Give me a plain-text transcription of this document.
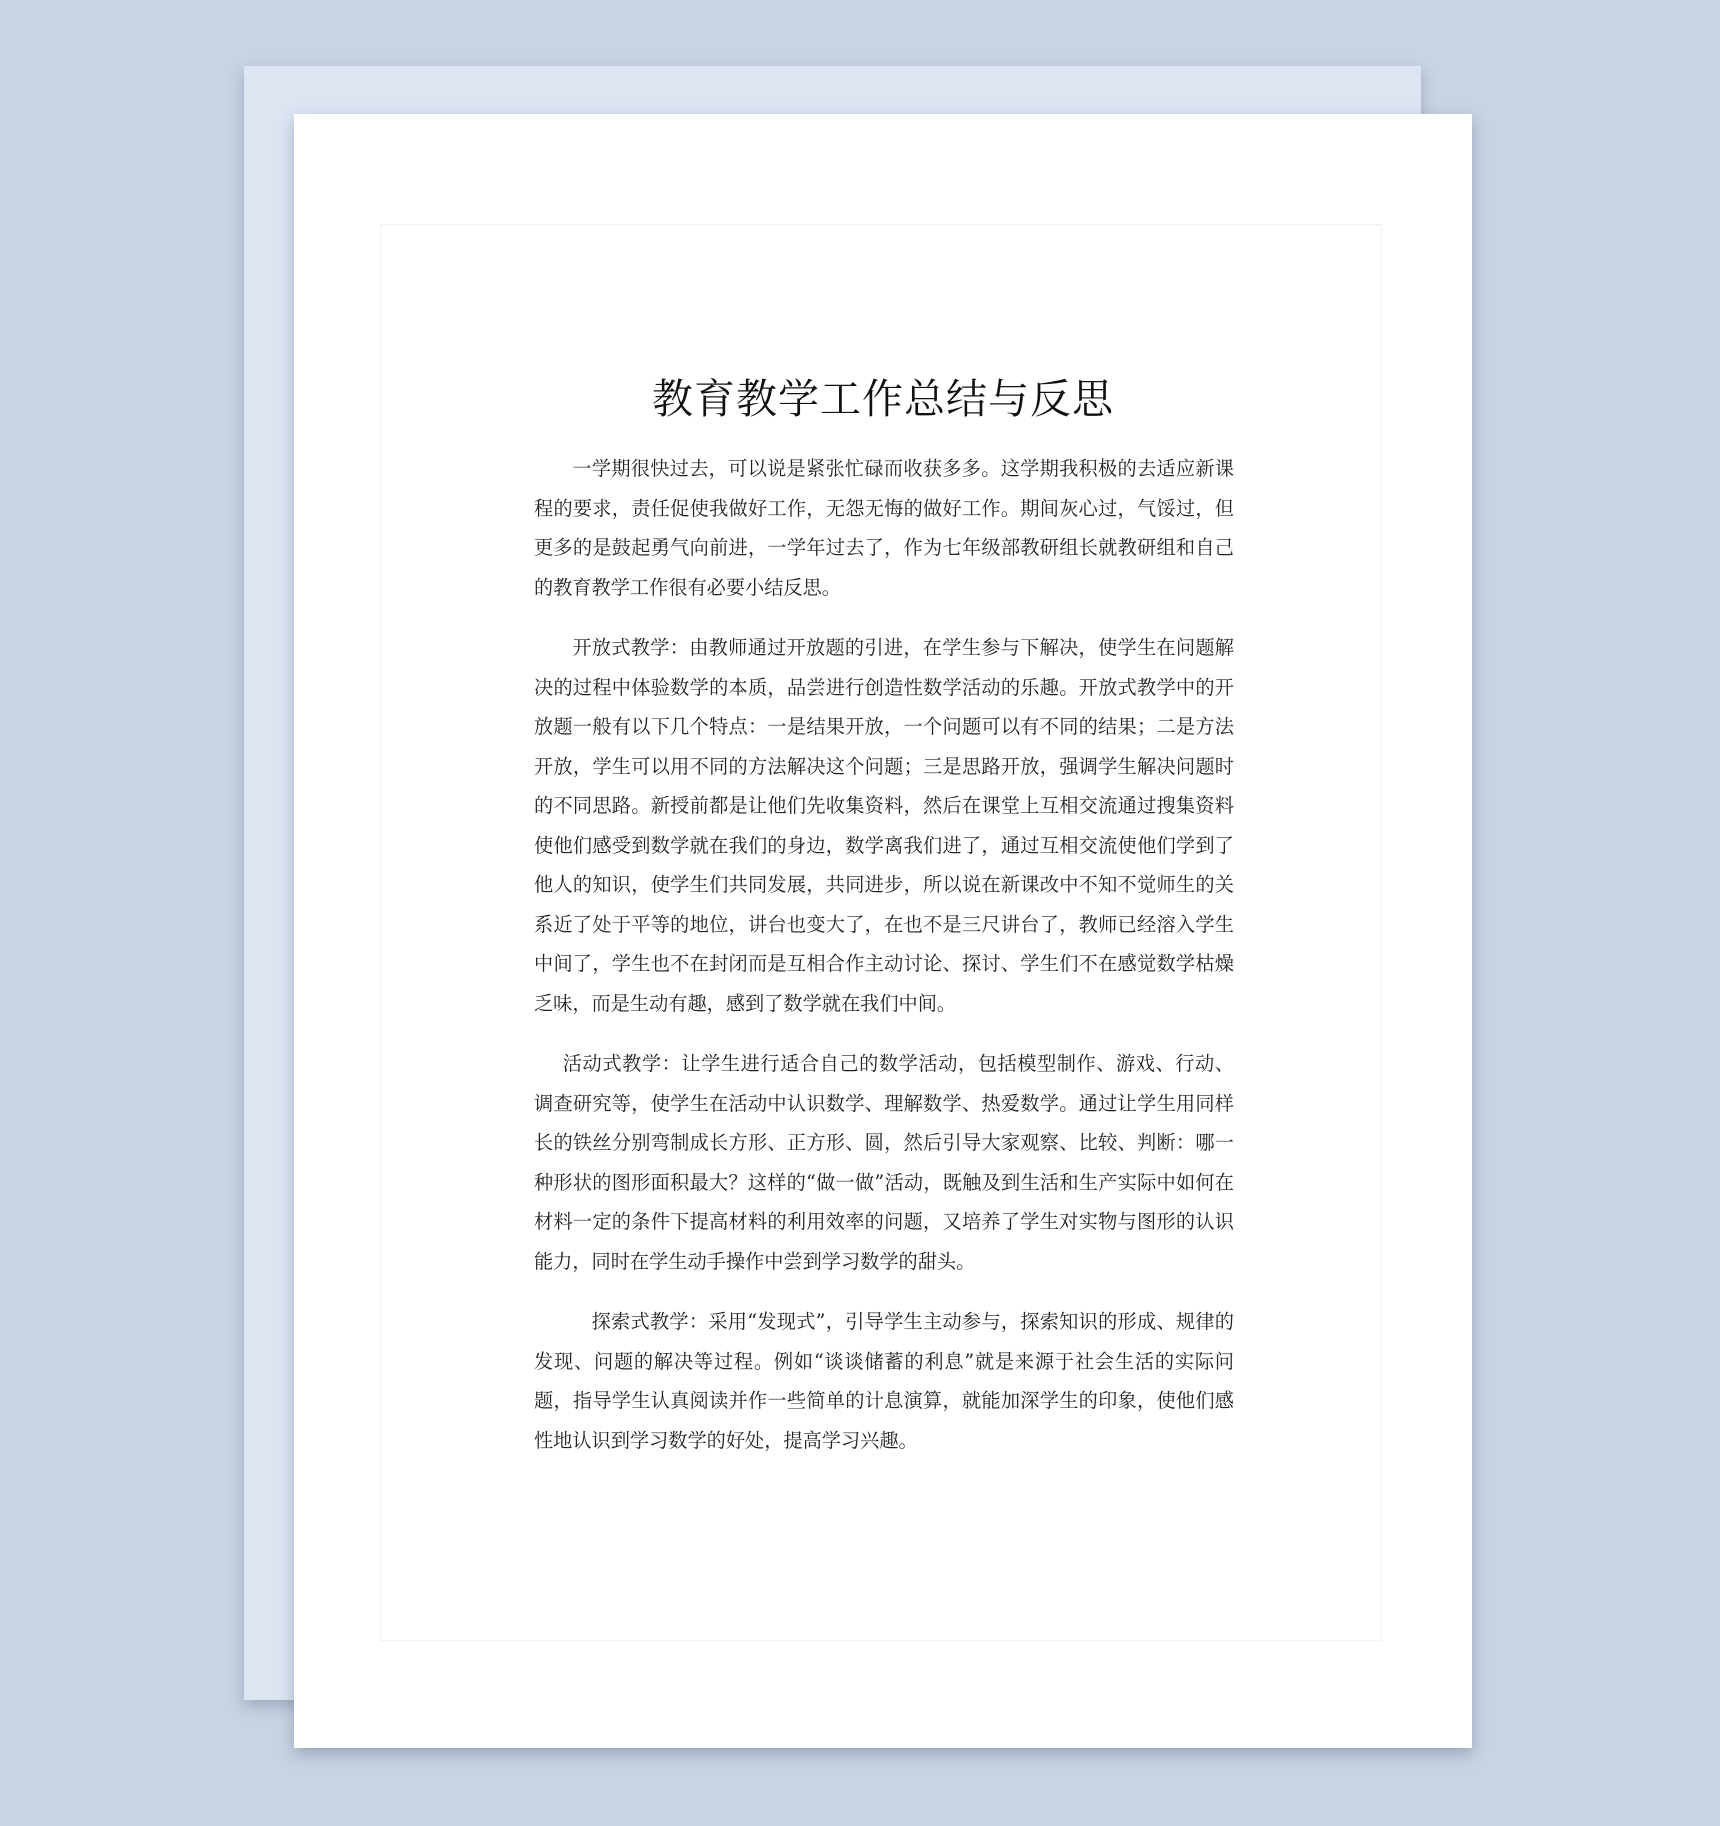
教育教学工作总结与反思

一学期很快过去，可以说是紧张忙碌而收获多多。这学期我积极的去适应新课程的要求，责任促使我做好工作，无怨无悔的做好工作。期间灰心过，气馁过，但更多的是鼓起勇气向前进，一学年过去了，作为七年级部教研组长就教研组和自己的教育教学工作很有必要小结反思。

开放式教学：由教师通过开放题的引进，在学生参与下解决，使学生在问题解决的过程中体验数学的本质，品尝进行创造性数学活动的乐趣。开放式教学中的开放题一般有以下几个特点：一是结果开放，一个问题可以有不同的结果；二是方法开放，学生可以用不同的方法解决这个问题；三是思路开放，强调学生解决问题时的不同思路。新授前都是让他们先收集资料，然后在课堂上互相交流通过搜集资料使他们感受到数学就在我们的身边，数学离我们进了，通过互相交流使他们学到了他人的知识，使学生们共同发展，共同进步，所以说在新课改中不知不觉师生的关系近了处于平等的地位，讲台也变大了，在也不是三尺讲台了，教师已经溶入学生中间了，学生也不在封闭而是互相合作主动讨论、探讨、学生们不在感觉数学枯燥乏味，而是生动有趣，感到了数学就在我们中间。

活动式教学：让学生进行适合自己的数学活动，包括模型制作、游戏、行动、调查研究等，使学生在活动中认识数学、理解数学、热爱数学。通过让学生用同样长的铁丝分别弯制成长方形、正方形、圆，然后引导大家观察、比较、判断：哪一种形状的图形面积最大？这样的“做一做”活动，既触及到生活和生产实际中如何在材料一定的条件下提高材料的利用效率的问题，又培养了学生对实物与图形的认识能力，同时在学生动手操作中尝到学习数学的甜头。

探索式教学：采用“发现式”，引导学生主动参与，探索知识的形成、规律的发现、问题的解决等过程。例如“谈谈储蓄的利息”就是来源于社会生活的实际问题，指导学生认真阅读并作一些简单的计息演算，就能加深学生的印象，使他们感性地认识到学习数学的好处，提高学习兴趣。
